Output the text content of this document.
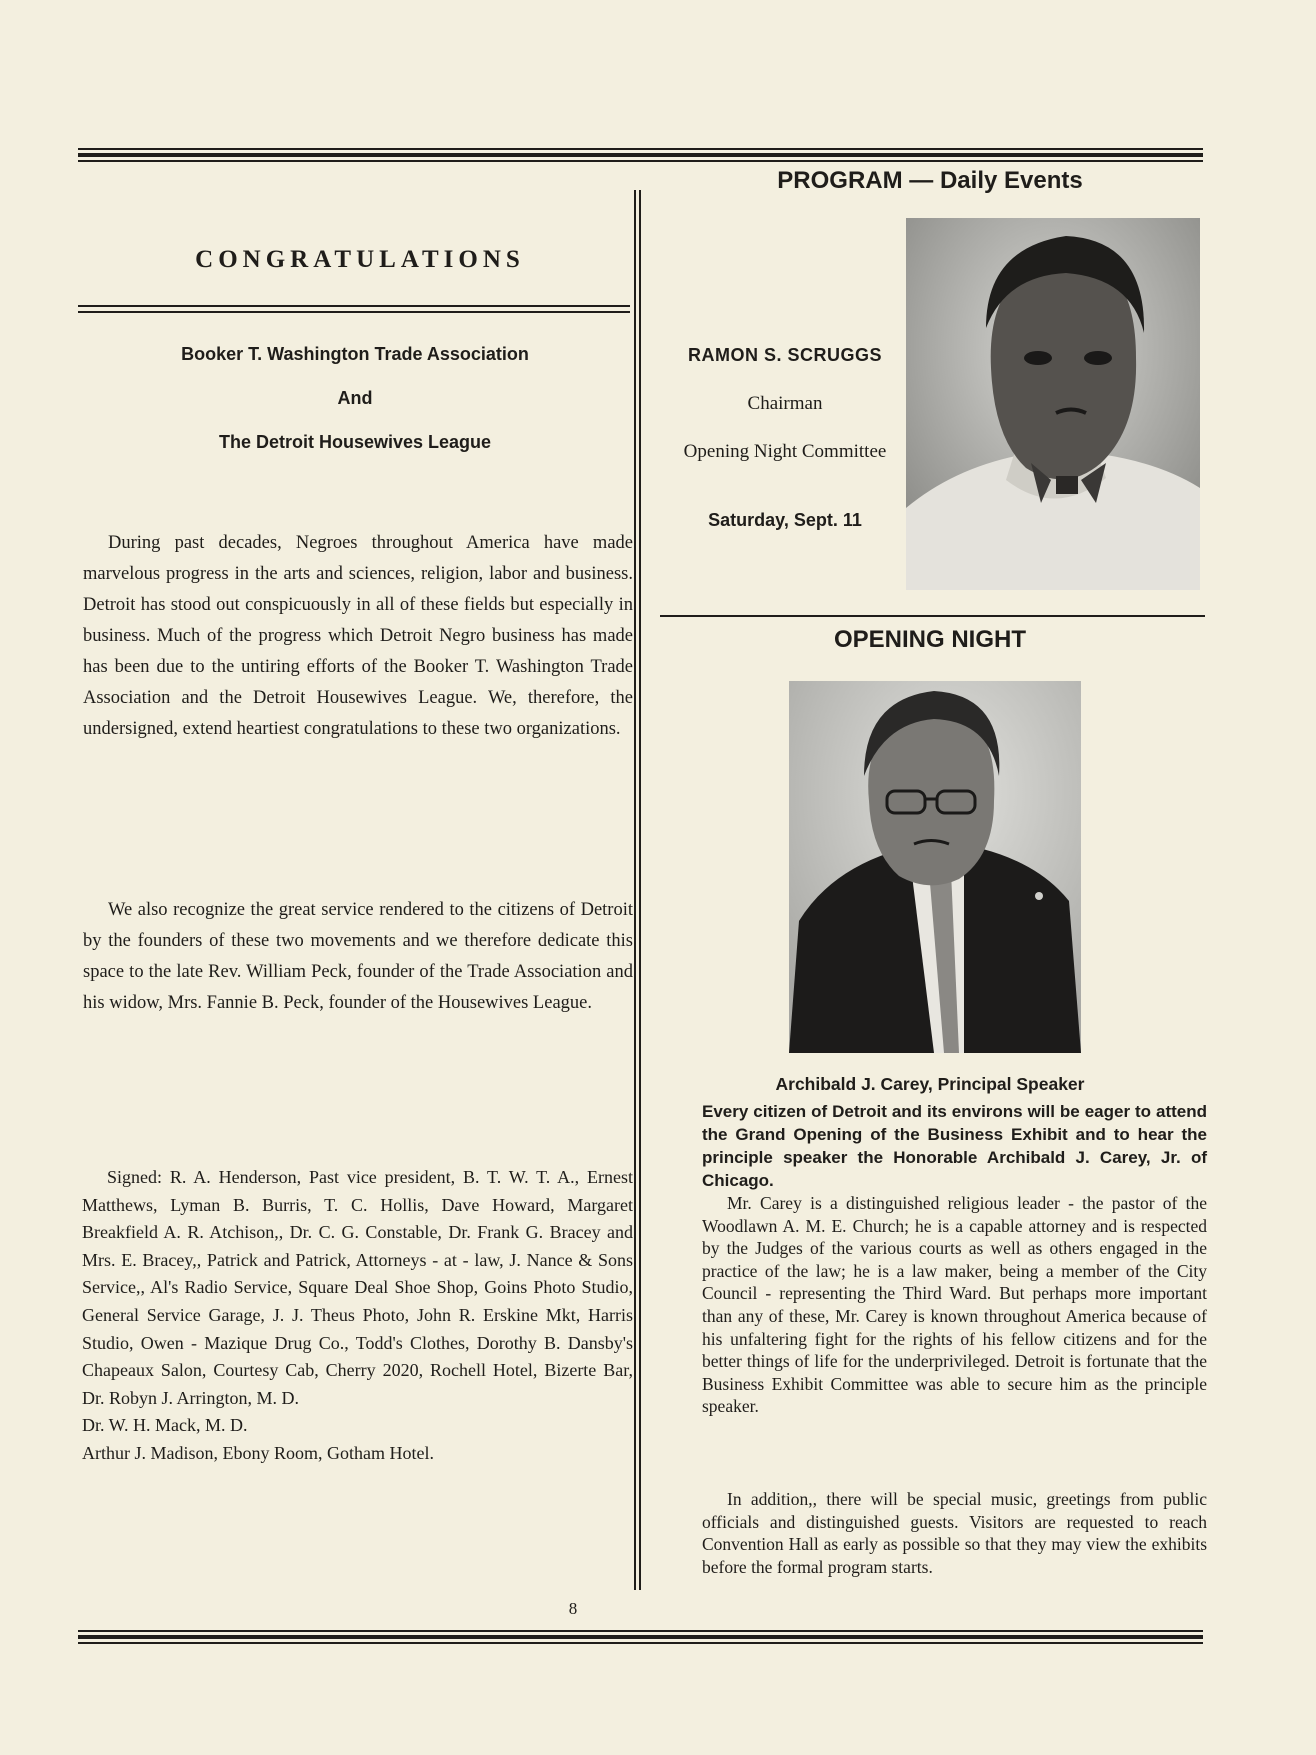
CONGRATULATIONS
Booker T. Washington Trade Association
And
The Detroit Housewives League
During past decades, Negroes throughout America have made marvelous progress in the arts and sciences, religion, labor and business. Detroit has stood out conspicuously in all of these fields but especially in business. Much of the progress which Detroit Negro business has made has been due to the untiring efforts of the Booker T. Washington Trade Association and the Detroit Housewives League. We, therefore, the undersigned, extend heartiest congratulations to these two organizations.
We also recognize the great service rendered to the citizens of Detroit by the founders of these two movements and we therefore dedicate this space to the late Rev. William Peck, founder of the Trade Association and his widow, Mrs. Fannie B. Peck, founder of the Housewives League.

Signed: R. A. Henderson, Past vice president, B. T. W. T. A., Ernest Matthews, Lyman B. Burris, T. C. Hollis, Dave Howard, Margaret Breakfield A. R. Atchison,, Dr. C. G. Constable, Dr. Frank G. Bracey and Mrs. E. Bracey,, Patrick and Patrick, Attorneys - at - law, J. Nance & Sons Service,, Al's Radio Service, Square Deal Shoe Shop, Goins Photo Studio, General Service Garage, J. J. Theus Photo, John R. Erskine Mkt, Harris Studio, Owen - Mazique Drug Co., Todd's Clothes, Dorothy B. Dansby's Chapeaux Salon, Courtesy Cab, Cherry 2020, Rochell Hotel, Bizerte Bar, Dr. Robyn J. Arrington, M. D.

Dr. W. H. Mack, M. D.

Arthur J. Madison, Ebony Room, Gotham Hotel.

PROGRAM — Daily Events
RAMON S. SCRUGGS
Chairman
Opening Night Committee
Saturday, Sept. 11
OPENING NIGHT
Archibald J. Carey, Principal Speaker
Every citizen of Detroit and its environs will be eager to attend the Grand Opening of the Business Exhibit and to hear the principle speaker the Honorable Archibald J. Carey, Jr. of Chicago.
Mr. Carey is a distinguished religious leader - the pastor of the Woodlawn A. M. E. Church; he is a capable attorney and is respected by the Judges of the various courts as well as others engaged in the practice of the law; he is a law maker, being a member of the City Council - representing the Third Ward. But perhaps more important than any of these, Mr. Carey is known throughout America because of his unfaltering fight for the rights of his fellow citizens and for the better things of life for the underprivileged. Detroit is fortunate that the Business Exhibit Committee was able to secure him as the principle speaker.
In addition,, there will be special music, greetings from public officials and distinguished guests. Visitors are requested to reach Convention Hall as early as possible so that they may view the exhibits before the formal program starts.
8
